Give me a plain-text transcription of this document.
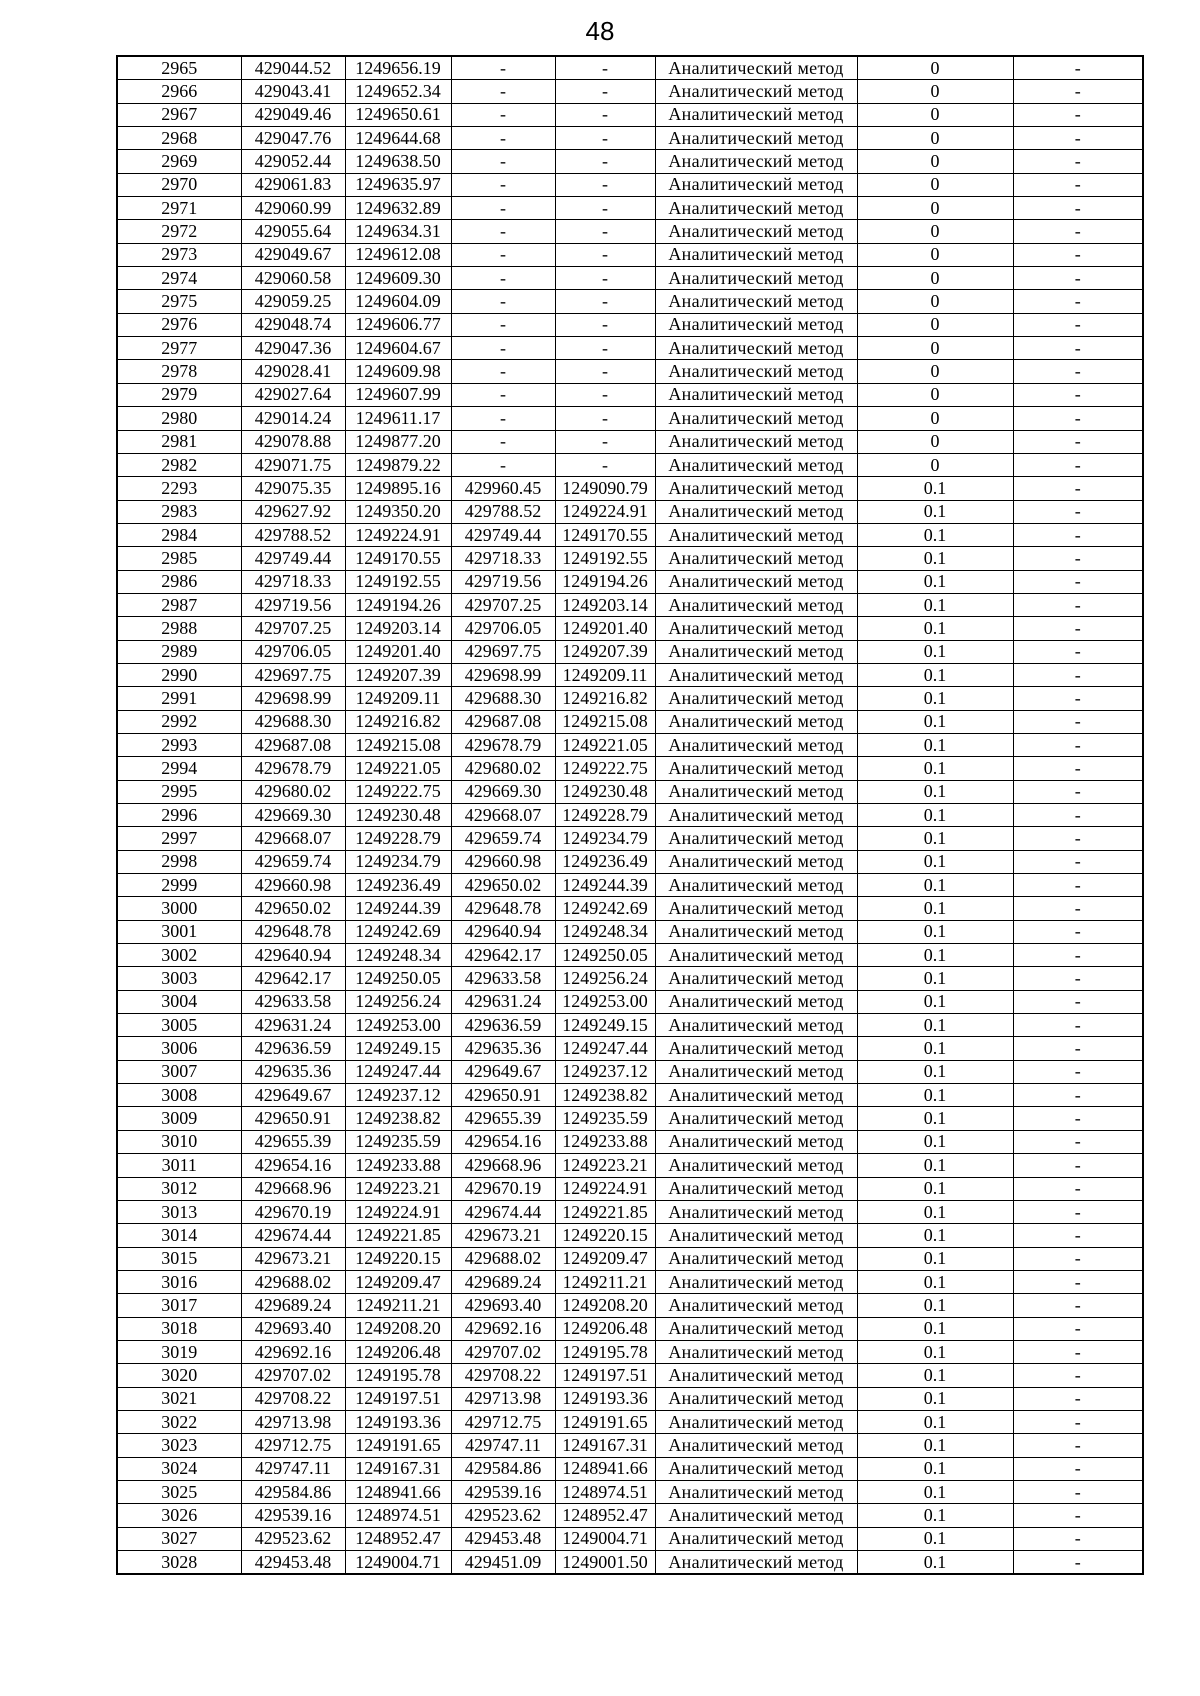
48
2965	429044.52	1249656.19	-	-	Аналитический метод	0	-
2966	429043.41	1249652.34	-	-	Аналитический метод	0	-
2967	429049.46	1249650.61	-	-	Аналитический метод	0	-
2968	429047.76	1249644.68	-	-	Аналитический метод	0	-
2969	429052.44	1249638.50	-	-	Аналитический метод	0	-
2970	429061.83	1249635.97	-	-	Аналитический метод	0	-
2971	429060.99	1249632.89	-	-	Аналитический метод	0	-
2972	429055.64	1249634.31	-	-	Аналитический метод	0	-
2973	429049.67	1249612.08	-	-	Аналитический метод	0	-
2974	429060.58	1249609.30	-	-	Аналитический метод	0	-
2975	429059.25	1249604.09	-	-	Аналитический метод	0	-
2976	429048.74	1249606.77	-	-	Аналитический метод	0	-
2977	429047.36	1249604.67	-	-	Аналитический метод	0	-
2978	429028.41	1249609.98	-	-	Аналитический метод	0	-
2979	429027.64	1249607.99	-	-	Аналитический метод	0	-
2980	429014.24	1249611.17	-	-	Аналитический метод	0	-
2981	429078.88	1249877.20	-	-	Аналитический метод	0	-
2982	429071.75	1249879.22	-	-	Аналитический метод	0	-
2293	429075.35	1249895.16	429960.45	1249090.79	Аналитический метод	0.1	-
2983	429627.92	1249350.20	429788.52	1249224.91	Аналитический метод	0.1	-
2984	429788.52	1249224.91	429749.44	1249170.55	Аналитический метод	0.1	-
2985	429749.44	1249170.55	429718.33	1249192.55	Аналитический метод	0.1	-
2986	429718.33	1249192.55	429719.56	1249194.26	Аналитический метод	0.1	-
2987	429719.56	1249194.26	429707.25	1249203.14	Аналитический метод	0.1	-
2988	429707.25	1249203.14	429706.05	1249201.40	Аналитический метод	0.1	-
2989	429706.05	1249201.40	429697.75	1249207.39	Аналитический метод	0.1	-
2990	429697.75	1249207.39	429698.99	1249209.11	Аналитический метод	0.1	-
2991	429698.99	1249209.11	429688.30	1249216.82	Аналитический метод	0.1	-
2992	429688.30	1249216.82	429687.08	1249215.08	Аналитический метод	0.1	-
2993	429687.08	1249215.08	429678.79	1249221.05	Аналитический метод	0.1	-
2994	429678.79	1249221.05	429680.02	1249222.75	Аналитический метод	0.1	-
2995	429680.02	1249222.75	429669.30	1249230.48	Аналитический метод	0.1	-
2996	429669.30	1249230.48	429668.07	1249228.79	Аналитический метод	0.1	-
2997	429668.07	1249228.79	429659.74	1249234.79	Аналитический метод	0.1	-
2998	429659.74	1249234.79	429660.98	1249236.49	Аналитический метод	0.1	-
2999	429660.98	1249236.49	429650.02	1249244.39	Аналитический метод	0.1	-
3000	429650.02	1249244.39	429648.78	1249242.69	Аналитический метод	0.1	-
3001	429648.78	1249242.69	429640.94	1249248.34	Аналитический метод	0.1	-
3002	429640.94	1249248.34	429642.17	1249250.05	Аналитический метод	0.1	-
3003	429642.17	1249250.05	429633.58	1249256.24	Аналитический метод	0.1	-
3004	429633.58	1249256.24	429631.24	1249253.00	Аналитический метод	0.1	-
3005	429631.24	1249253.00	429636.59	1249249.15	Аналитический метод	0.1	-
3006	429636.59	1249249.15	429635.36	1249247.44	Аналитический метод	0.1	-
3007	429635.36	1249247.44	429649.67	1249237.12	Аналитический метод	0.1	-
3008	429649.67	1249237.12	429650.91	1249238.82	Аналитический метод	0.1	-
3009	429650.91	1249238.82	429655.39	1249235.59	Аналитический метод	0.1	-
3010	429655.39	1249235.59	429654.16	1249233.88	Аналитический метод	0.1	-
3011	429654.16	1249233.88	429668.96	1249223.21	Аналитический метод	0.1	-
3012	429668.96	1249223.21	429670.19	1249224.91	Аналитический метод	0.1	-
3013	429670.19	1249224.91	429674.44	1249221.85	Аналитический метод	0.1	-
3014	429674.44	1249221.85	429673.21	1249220.15	Аналитический метод	0.1	-
3015	429673.21	1249220.15	429688.02	1249209.47	Аналитический метод	0.1	-
3016	429688.02	1249209.47	429689.24	1249211.21	Аналитический метод	0.1	-
3017	429689.24	1249211.21	429693.40	1249208.20	Аналитический метод	0.1	-
3018	429693.40	1249208.20	429692.16	1249206.48	Аналитический метод	0.1	-
3019	429692.16	1249206.48	429707.02	1249195.78	Аналитический метод	0.1	-
3020	429707.02	1249195.78	429708.22	1249197.51	Аналитический метод	0.1	-
3021	429708.22	1249197.51	429713.98	1249193.36	Аналитический метод	0.1	-
3022	429713.98	1249193.36	429712.75	1249191.65	Аналитический метод	0.1	-
3023	429712.75	1249191.65	429747.11	1249167.31	Аналитический метод	0.1	-
3024	429747.11	1249167.31	429584.86	1248941.66	Аналитический метод	0.1	-
3025	429584.86	1248941.66	429539.16	1248974.51	Аналитический метод	0.1	-
3026	429539.16	1248974.51	429523.62	1248952.47	Аналитический метод	0.1	-
3027	429523.62	1248952.47	429453.48	1249004.71	Аналитический метод	0.1	-
3028	429453.48	1249004.71	429451.09	1249001.50	Аналитический метод	0.1	-
